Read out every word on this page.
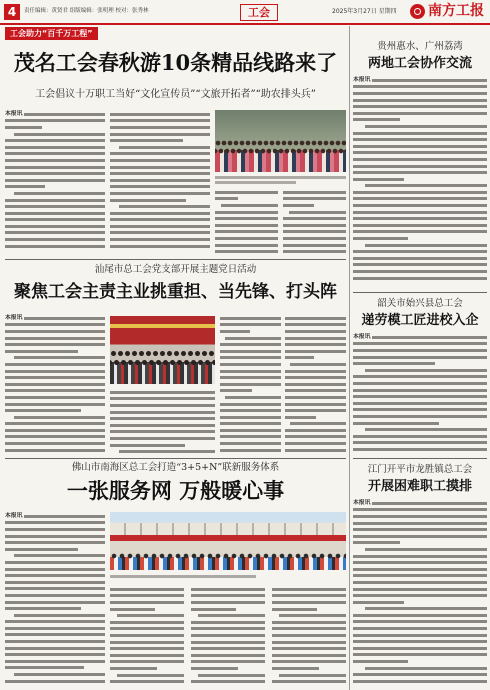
4	责任编辑：黄贤君 组版编辑：张明理 校对：张秀林	工会	2025年3月27日 星期四 南方工报
工会助力“百千万工程”
茂名工会春秋游10条精品线路来了
工会倡议十万职工当好“文化宣传员”“文旅开拓者”“助农排头兵”
本报讯
汕尾市总工会党支部开展主题党日活动
聚焦工会主责主业挑重担、当先锋、打头阵
本报讯
佛山市南海区总工会打造“3+5+N”联新服务体系
一张服务网 万般暖心事
本报讯
贵州惠水、广州荔湾
两地工会协作交流
本报讯
韶关市始兴县总工会
递劳模工匠进校入企
本报讯
江门开平市龙胜镇总工会
开展困难职工摸排
本报讯
